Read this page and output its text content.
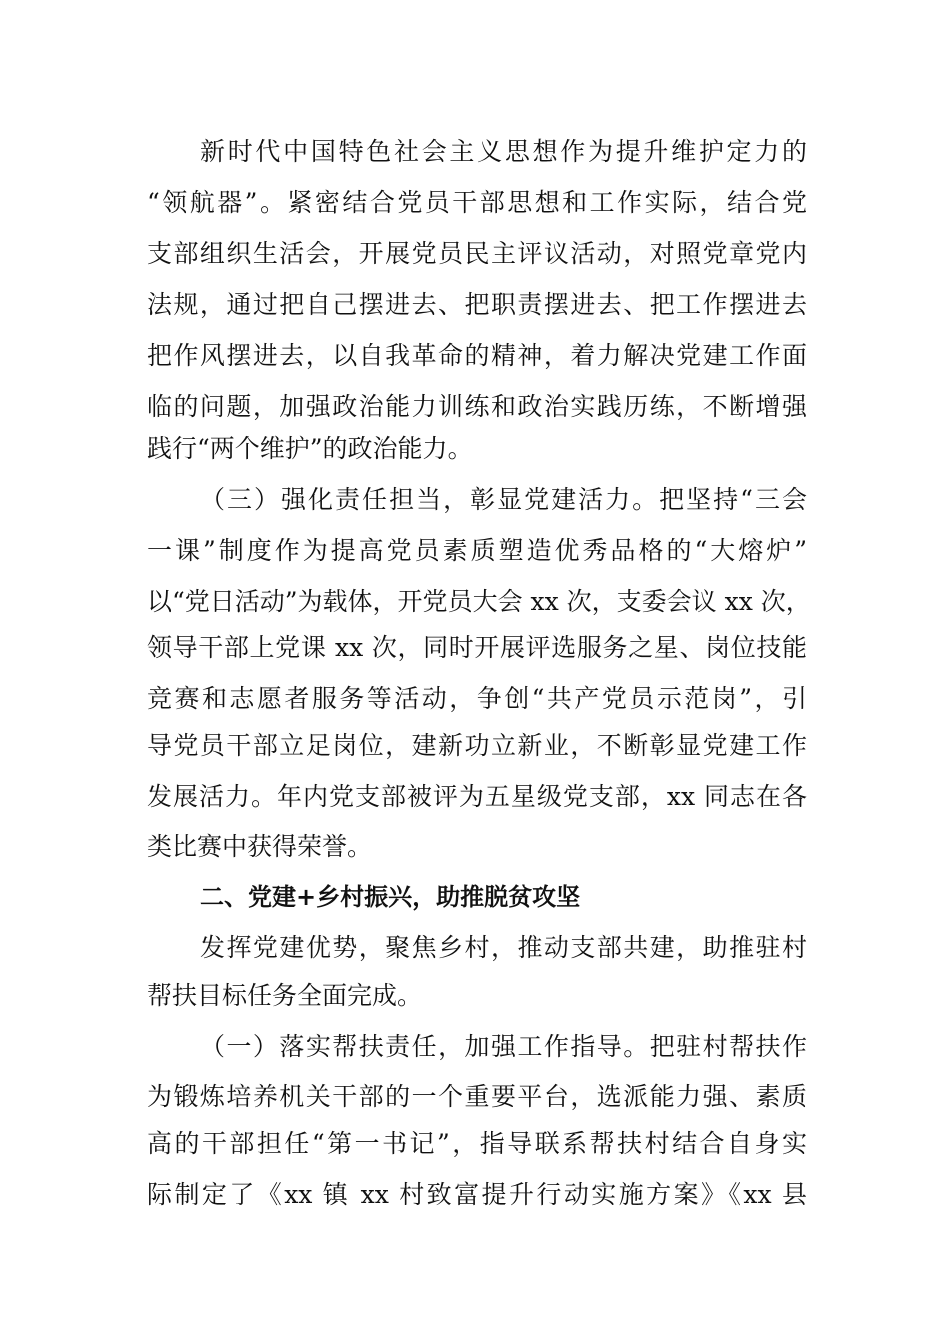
新时代中国特色社会主义思想作为提升维护定力的
“领航器”。紧密结合党员干部思想和工作实际，结合党
支部组织生活会，开展党员民主评议活动，对照党章党内
法规，通过把自己摆进去、把职责摆进去、把工作摆进去
把作风摆进去，以自我革命的精神，着力解决党建工作面
临的问题，加强政治能力训练和政治实践历练，不断增强
践行“两个维护”的政治能力。
（三）强化责任担当，彰显党建活力。把坚持“三会
一课”制度作为提高党员素质塑造优秀品格的“大熔炉”
以“党日活动”为载体，开党员大会 xx 次，支委会议 xx 次，
领导干部上党课 xx 次，同时开展评选服务之星、岗位技能
竞赛和志愿者服务等活动，争创“共产党员示范岗”，引
导党员干部立足岗位，建新功立新业，不断彰显党建工作
发展活力。年内党支部被评为五星级党支部，xx 同志在各
类比赛中获得荣誉。
二、党建+乡村振兴，助推脱贫攻坚
发挥党建优势，聚焦乡村，推动支部共建，助推驻村
帮扶目标任务全面完成。
（一）落实帮扶责任，加强工作指导。把驻村帮扶作
为锻炼培养机关干部的一个重要平台，选派能力强、素质
高的干部担任“第一书记”，指导联系帮扶村结合自身实
际制定了《xx 镇 xx 村致富提升行动实施方案》《xx 县
